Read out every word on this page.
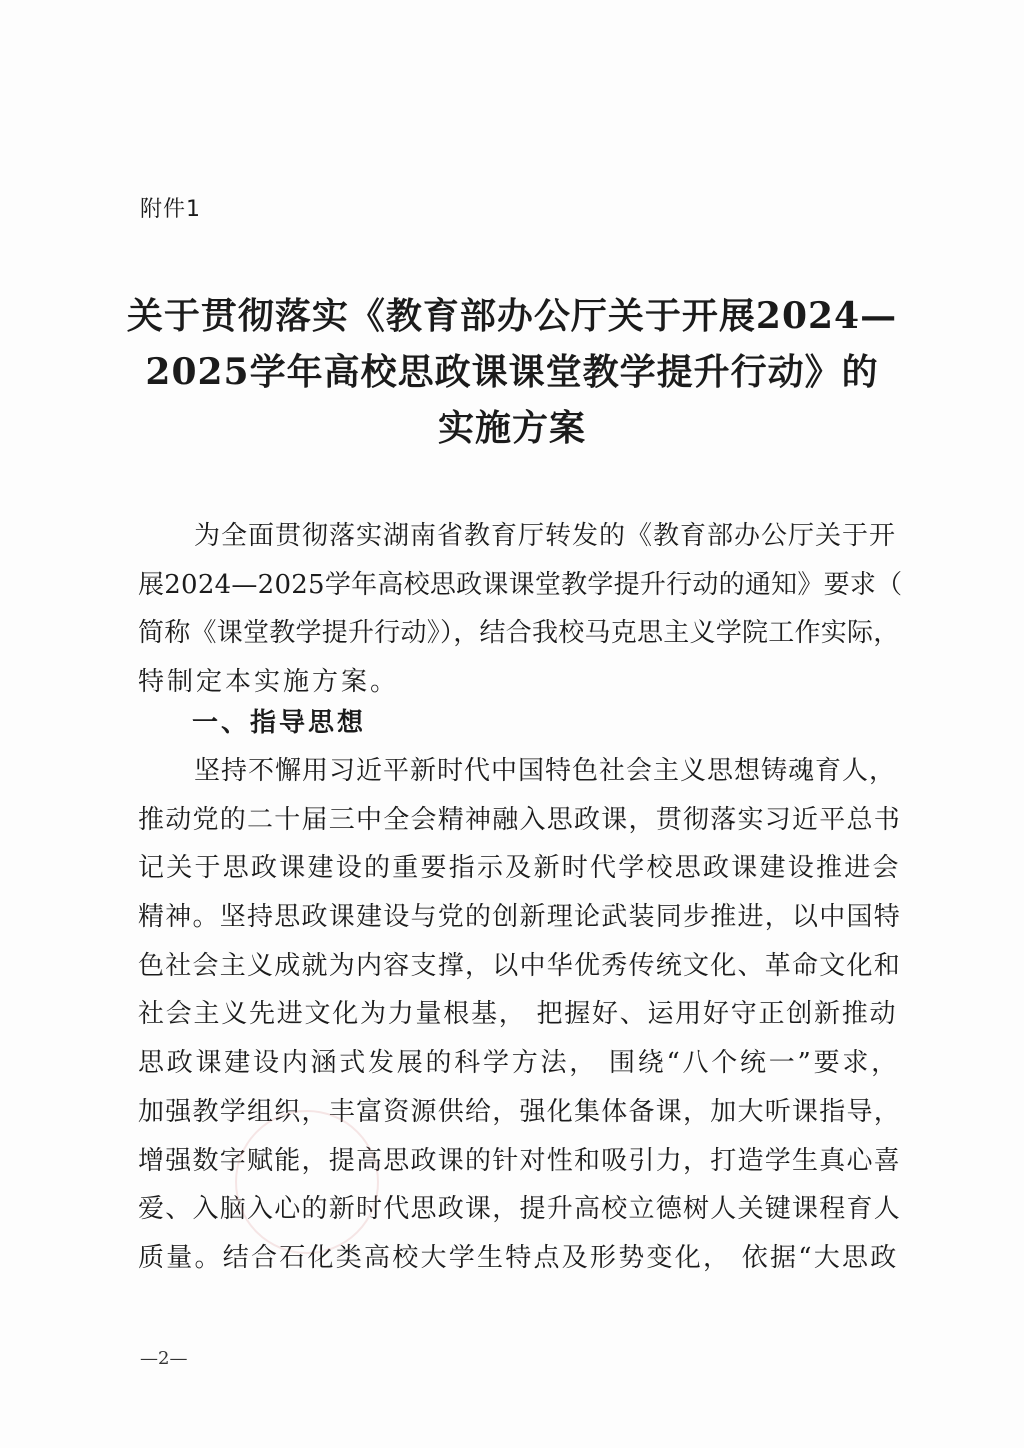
附件1
关于贯彻落实《教育部办公厅关于开展2024—
2025学年高校思政课课堂教学提升行动》的
实施方案
为全面贯彻落实湖南省教育厅转发的《教育部办公厅关于开
展2024—2025学年高校思政课课堂教学提升行动的通知》要求（
简称《课堂教学提升行动》），结合我校马克思主义学院工作实际，
特制定本实施方案。
一、指导思想
坚持不懈用习近平新时代中国特色社会主义思想铸魂育人，
推动党的二十届三中全会精神融入思政课，贯彻落实习近平总书
记关于思政课建设的重要指示及新时代学校思政课建设推进会
精神。坚持思政课建设与党的创新理论武装同步推进，以中国特
色社会主义成就为内容支撑，以中华优秀传统文化、革命文化和
社会主义先进文化为力量根基， 把握好、运用好守正创新推动
思政课建设内涵式发展的科学方法， 围绕“八个统一”要求，
加强教学组织，丰富资源供给，强化集体备课，加大听课指导，
增强数字赋能，提高思政课的针对性和吸引力，打造学生真心喜
爱、入脑入心的新时代思政课，提升高校立德树人关键课程育人
质量。结合石化类高校大学生特点及形势变化， 依据“大思政
—2—
